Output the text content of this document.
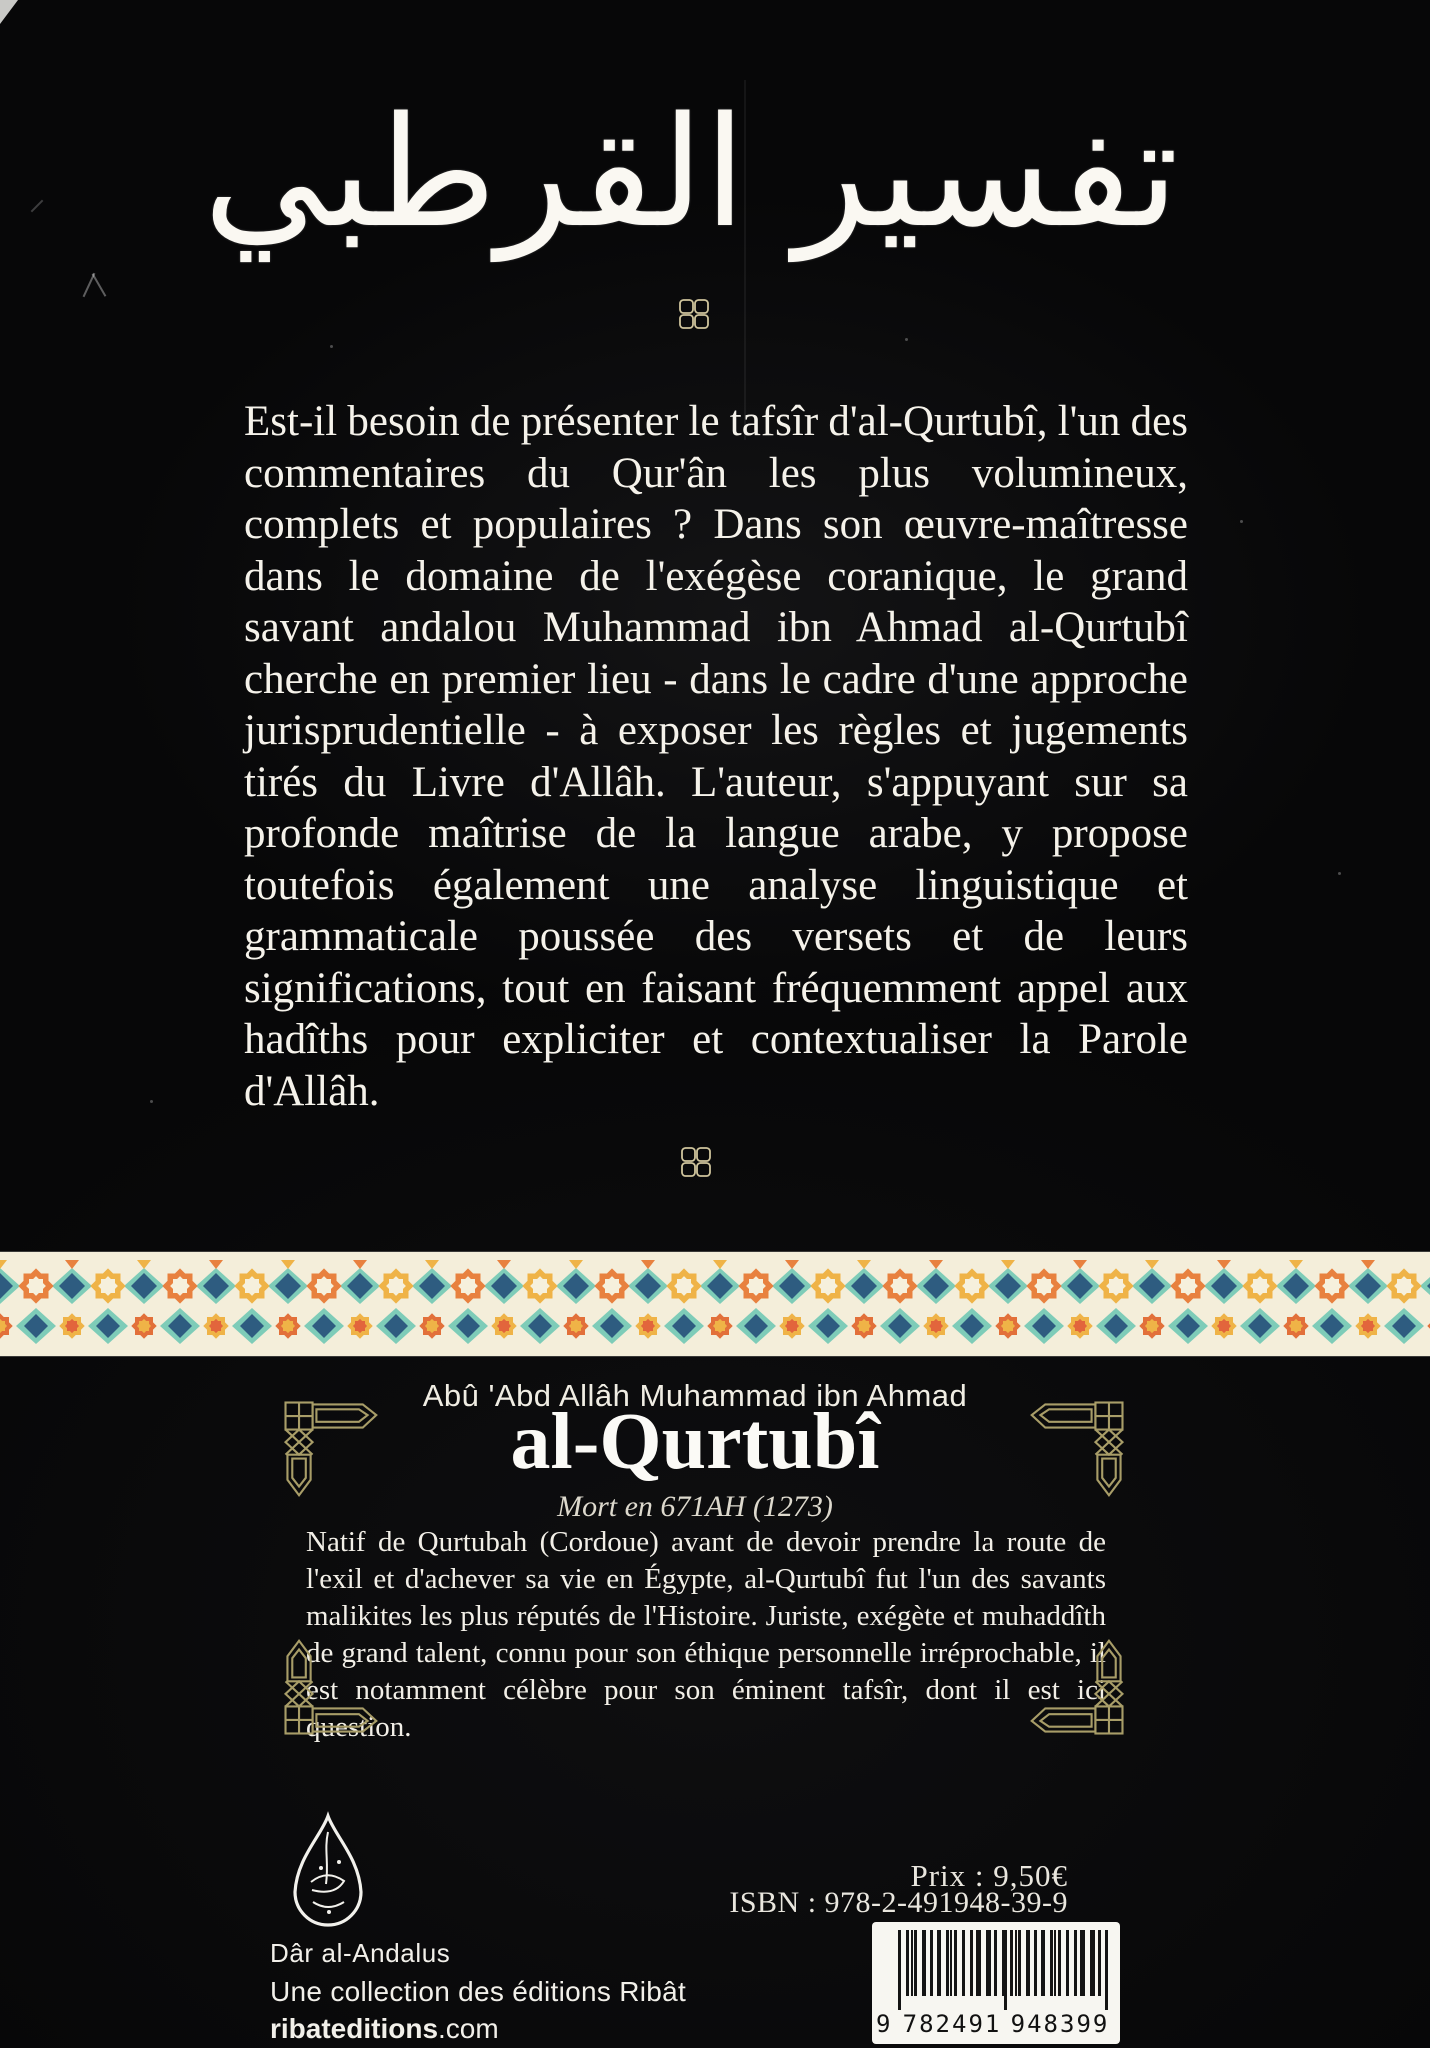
تفسير القرطبي

Est-il besoin de présenter le tafsîr d'al-Qurtubî, l'un des commentaires du Qur'ân les plus volumineux, complets et populaires ? Dans son œuvre-maîtresse dans le domaine de l'exégèse coranique, le grand savant andalou Muhammad ibn Ahmad al-Qurtubî cherche en premier lieu - dans le cadre d'une approche jurisprudentielle - à exposer les règles et jugements tirés du Livre d'Allâh. L'auteur, s'appuyant sur sa profonde maîtrise de la langue arabe, y propose toutefois également une analyse linguistique et grammaticale poussée des versets et de leurs significations, tout en faisant fréquemment appel aux hadîths pour expliciter et contextualiser la Parole d'Allâh.

Abû 'Abd Allâh Muhammad ibn Ahmad
al-Qurtubî
Mort en 671AH (1273)

Natif de Qurtubah (Cordoue) avant de devoir prendre la route de l'exil et d'achever sa vie en Égypte, al-Qurtubî fut l'un des savants malikites les plus réputés de l'Histoire. Juriste, exégète et muhaddîth de grand talent, connu pour son éthique personnelle irréprochable, il est notamment célèbre pour son éminent tafsîr, dont il est ici question.

Dâr al-Andalus
Une collection des éditions Ribât
ribateditions.com
Prix : 9,50€
ISBN : 978-2-491948-39-9
9 782491 948399
